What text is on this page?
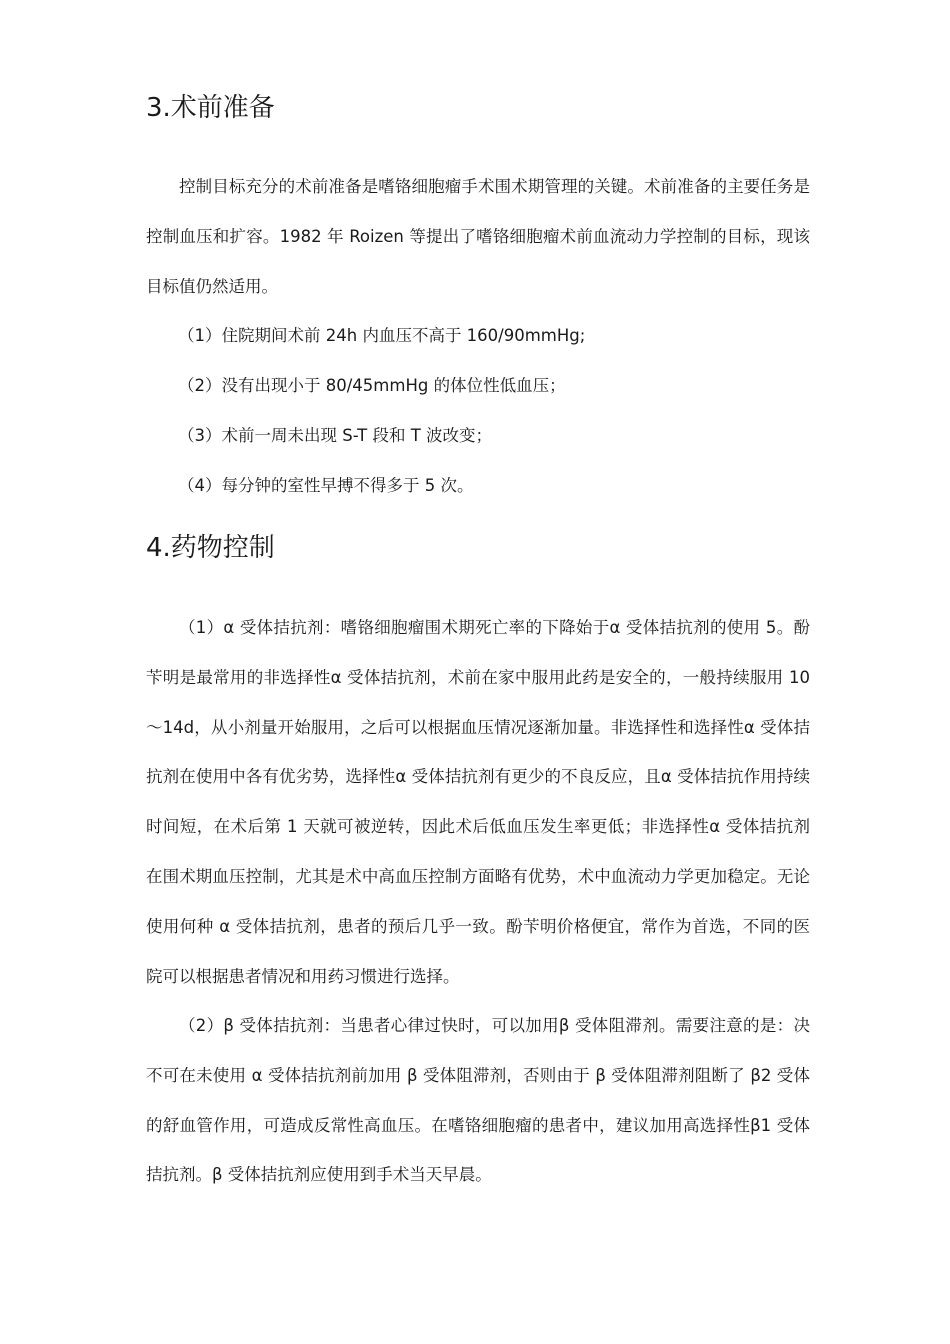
3.术前准备

控制目标充分的术前准备是嗜铬细胞瘤手术围术期管理的关键。术前准备的主要任务是控制血压和扩容。1982 年 Roizen 等提出了嗜铬细胞瘤术前血流动力学控制的目标，现该目标值仍然适用。

（1）住院期间术前 24h 内血压不高于 160/90mmHg;

（2）没有出现小于 80/45mmHg 的体位性低血压；

（3）术前一周未出现 S-T 段和 T 波改变；

（4）每分钟的室性早搏不得多于 5 次。

4.药物控制

（1）α 受体拮抗剂：嗜铬细胞瘤围术期死亡率的下降始于α 受体拮抗剂的使用 5。酚苄明是最常用的非选择性α 受体拮抗剂，术前在家中服用此药是安全的，一般持续服用 10～14d，从小剂量开始服用，之后可以根据血压情况逐渐加量。非选择性和选择性α 受体拮抗剂在使用中各有优劣势，选择性α 受体拮抗剂有更少的不良反应，且α 受体拮抗作用持续时间短，在术后第 1 天就可被逆转，因此术后低血压发生率更低；非选择性α 受体拮抗剂在围术期血压控制，尤其是术中高血压控制方面略有优势，术中血流动力学更加稳定。无论使用何种 α 受体拮抗剂，患者的预后几乎一致。酚苄明价格便宜，常作为首选，不同的医院可以根据患者情况和用药习惯进行选择。

（2）β 受体拮抗剂：当患者心律过快时，可以加用β 受体阻滞剂。需要注意的是：决不可在未使用 α 受体拮抗剂前加用 β 受体阻滞剂，否则由于 β 受体阻滞剂阻断了 β2 受体的舒血管作用，可造成反常性高血压。在嗜铬细胞瘤的患者中，建议加用高选择性β1 受体拮抗剂。β 受体拮抗剂应使用到手术当天早晨。
